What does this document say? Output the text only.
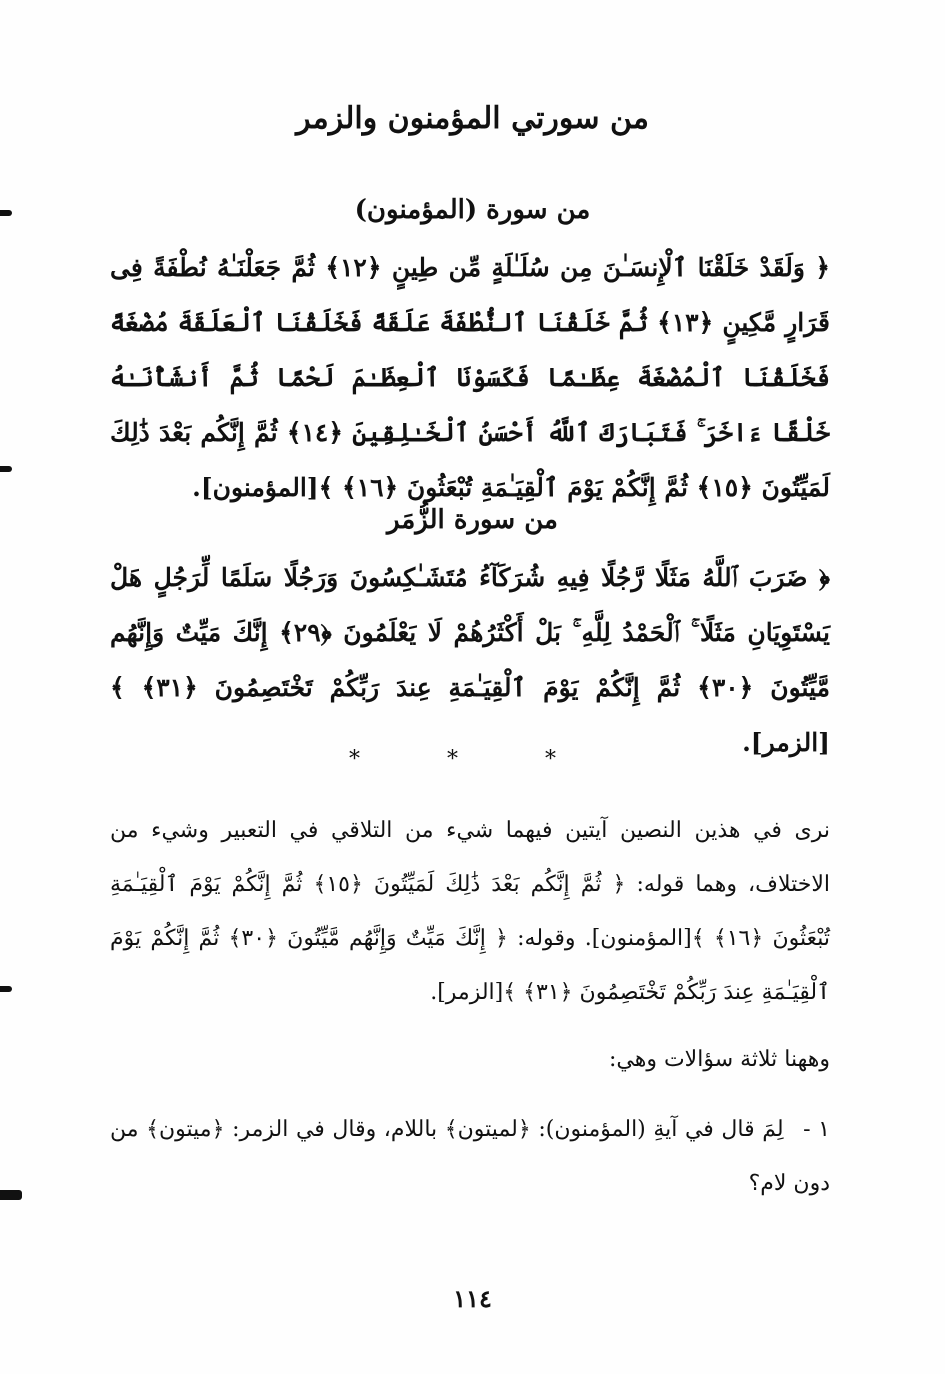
من سورتي المؤمنون والزمر
من سورة (المؤمنون)
﴿ وَلَقَدْ خَلَقْنَا ٱلْإِنسَـٰنَ مِن سُلَـٰلَةٍ مِّن طِينٍ ﴿١٢﴾ ثُمَّ جَعَلْنَـٰهُ نُطْفَةً فِى قَرَارٍ مَّكِينٍ ﴿١٣﴾ ثُمَّ خَلَقْنَا ٱلنُّطْفَةَ عَلَقَةً فَخَلَقْنَا ٱلْعَلَقَةَ مُضْغَةً فَخَلَقْنَا ٱلْمُضْغَةَ عِظَـٰمًا فَكَسَوْنَا ٱلْعِظَـٰمَ لَحْمًا ثُمَّ أَنشَأْنَـٰهُ خَلْقًا ءَاخَرَ ۚ فَتَبَارَكَ ٱللَّهُ أَحْسَنُ ٱلْخَـٰلِقِينَ ﴿١٤﴾ ثُمَّ إِنَّكُم بَعْدَ ذَٰلِكَ لَمَيِّتُونَ ﴿١٥﴾ ثُمَّ إِنَّكُمْ يَوْمَ ٱلْقِيَـٰمَةِ تُبْعَثُونَ ﴿١٦﴾ ﴾[المؤمنون].
من سورة الزُّمَر
﴿ ضَرَبَ ٱللَّهُ مَثَلًا رَّجُلًا فِيهِ شُرَكَآءُ مُتَشَـٰكِسُونَ وَرَجُلًا سَلَمًا لِّرَجُلٍ هَلْ يَسْتَوِيَانِ مَثَلًا ۚ ٱلْحَمْدُ لِلَّهِ ۚ بَلْ أَكْثَرُهُمْ لَا يَعْلَمُونَ ﴿٢٩﴾ إِنَّكَ مَيِّتٌ وَإِنَّهُم مَّيِّتُونَ ﴿٣٠﴾ ثُمَّ إِنَّكُمْ يَوْمَ ٱلْقِيَـٰمَةِ عِندَ رَبِّكُمْ تَخْتَصِمُونَ ﴿٣١﴾ ﴾[الزمر].
* * *
نرى في هذين النصين آيتين فيهما شيء من التلاقي في التعبير وشيء من الاختلاف، وهما قوله: ﴿ ثُمَّ إِنَّكُم بَعْدَ ذَٰلِكَ لَمَيِّتُونَ ﴿١٥﴾ ثُمَّ إِنَّكُمْ يَوْمَ ٱلْقِيَـٰمَةِ تُبْعَثُونَ ﴿١٦﴾ ﴾[المؤمنون]. وقوله: ﴿ إِنَّكَ مَيِّتٌ وَإِنَّهُم مَّيِّتُونَ ﴿٣٠﴾ ثُمَّ إِنَّكُمْ يَوْمَ ٱلْقِيَـٰمَةِ عِندَ رَبِّكُمْ تَخْتَصِمُونَ ﴿٣١﴾ ﴾[الزمر].
وههنا ثلاثة سؤالات وهي:
١ - لِمَ قال في آيةِ (المؤمنون): ﴿لميتون﴾ باللام، وقال في الزمر: ﴿ميتون﴾ من دون لام؟
١١٤
